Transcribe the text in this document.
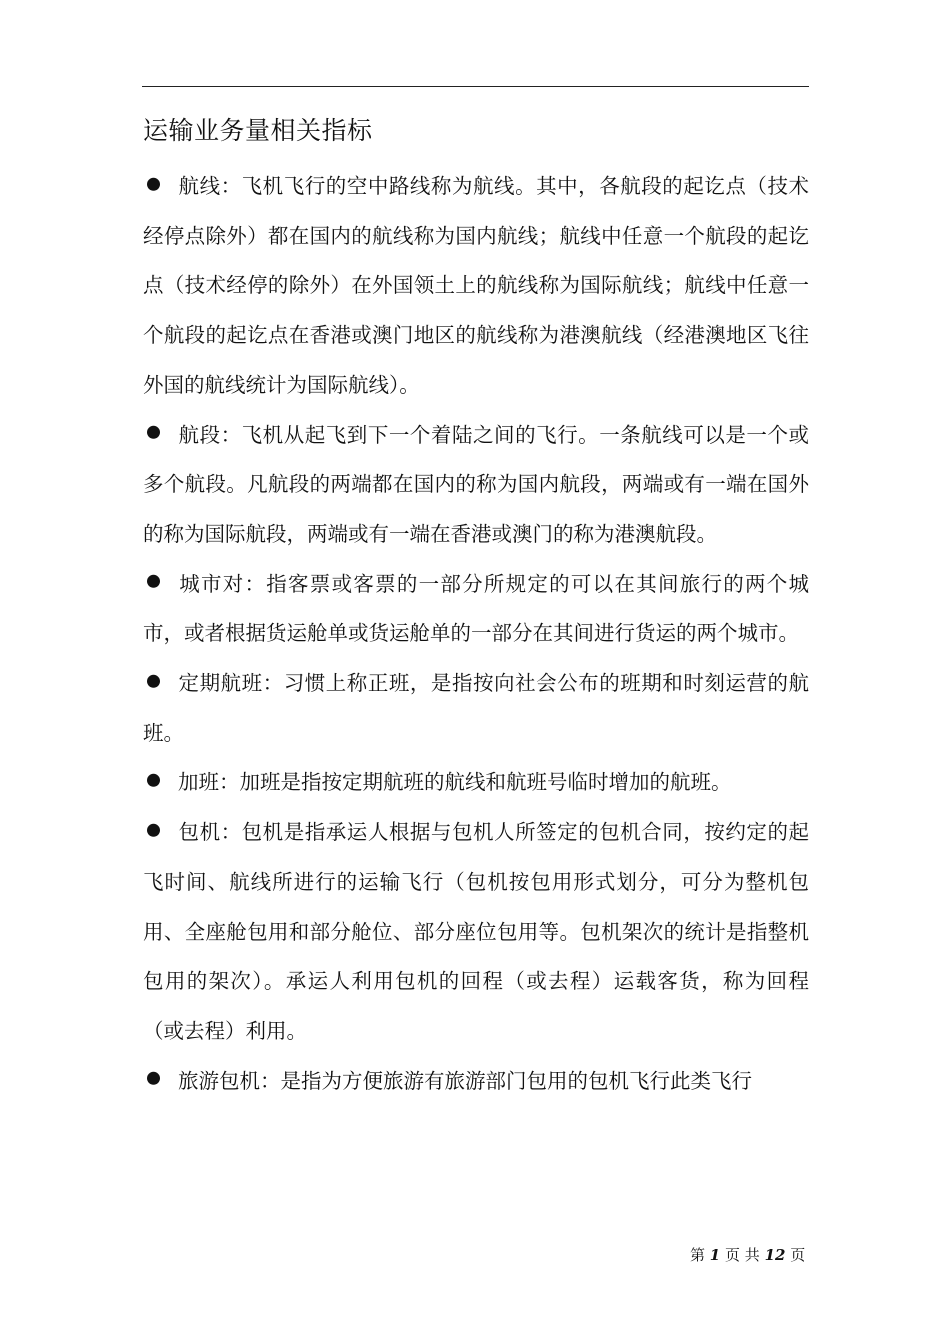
运输业务量相关指标

航线：飞机飞行的空中路线称为航线。其中，各航段的起讫点（技术经停点除外）都在国内的航线称为国内航线；航线中任意一个航段的起讫点（技术经停的除外）在外国领土上的航线称为国际航线；航线中任意一个航段的起讫点在香港或澳门地区的航线称为港澳航线（经港澳地区飞往外国的航线统计为国际航线）。

航段：飞机从起飞到下一个着陆之间的飞行。一条航线可以是一个或多个航段。凡航段的两端都在国内的称为国内航段，两端或有一端在国外的称为国际航段，两端或有一端在香港或澳门的称为港澳航段。

城市对：指客票或客票的一部分所规定的可以在其间旅行的两个城市，或者根据货运舱单或货运舱单的一部分在其间进行货运的两个城市。

定期航班：习惯上称正班，是指按向社会公布的班期和时刻运营的航班。

加班：加班是指按定期航班的航线和航班号临时增加的航班。

包机：包机是指承运人根据与包机人所签定的包机合同，按约定的起飞时间、航线所进行的运输飞行（包机按包用形式划分，可分为整机包用、全座舱包用和部分舱位、部分座位包用等。包机架次的统计是指整机包用的架次）。承运人利用包机的回程（或去程）运载客货，称为回程（或去程）利用。

旅游包机：是指为方便旅游有旅游部门包用的包机飞行此类飞行

第 1 页 共 12 页
